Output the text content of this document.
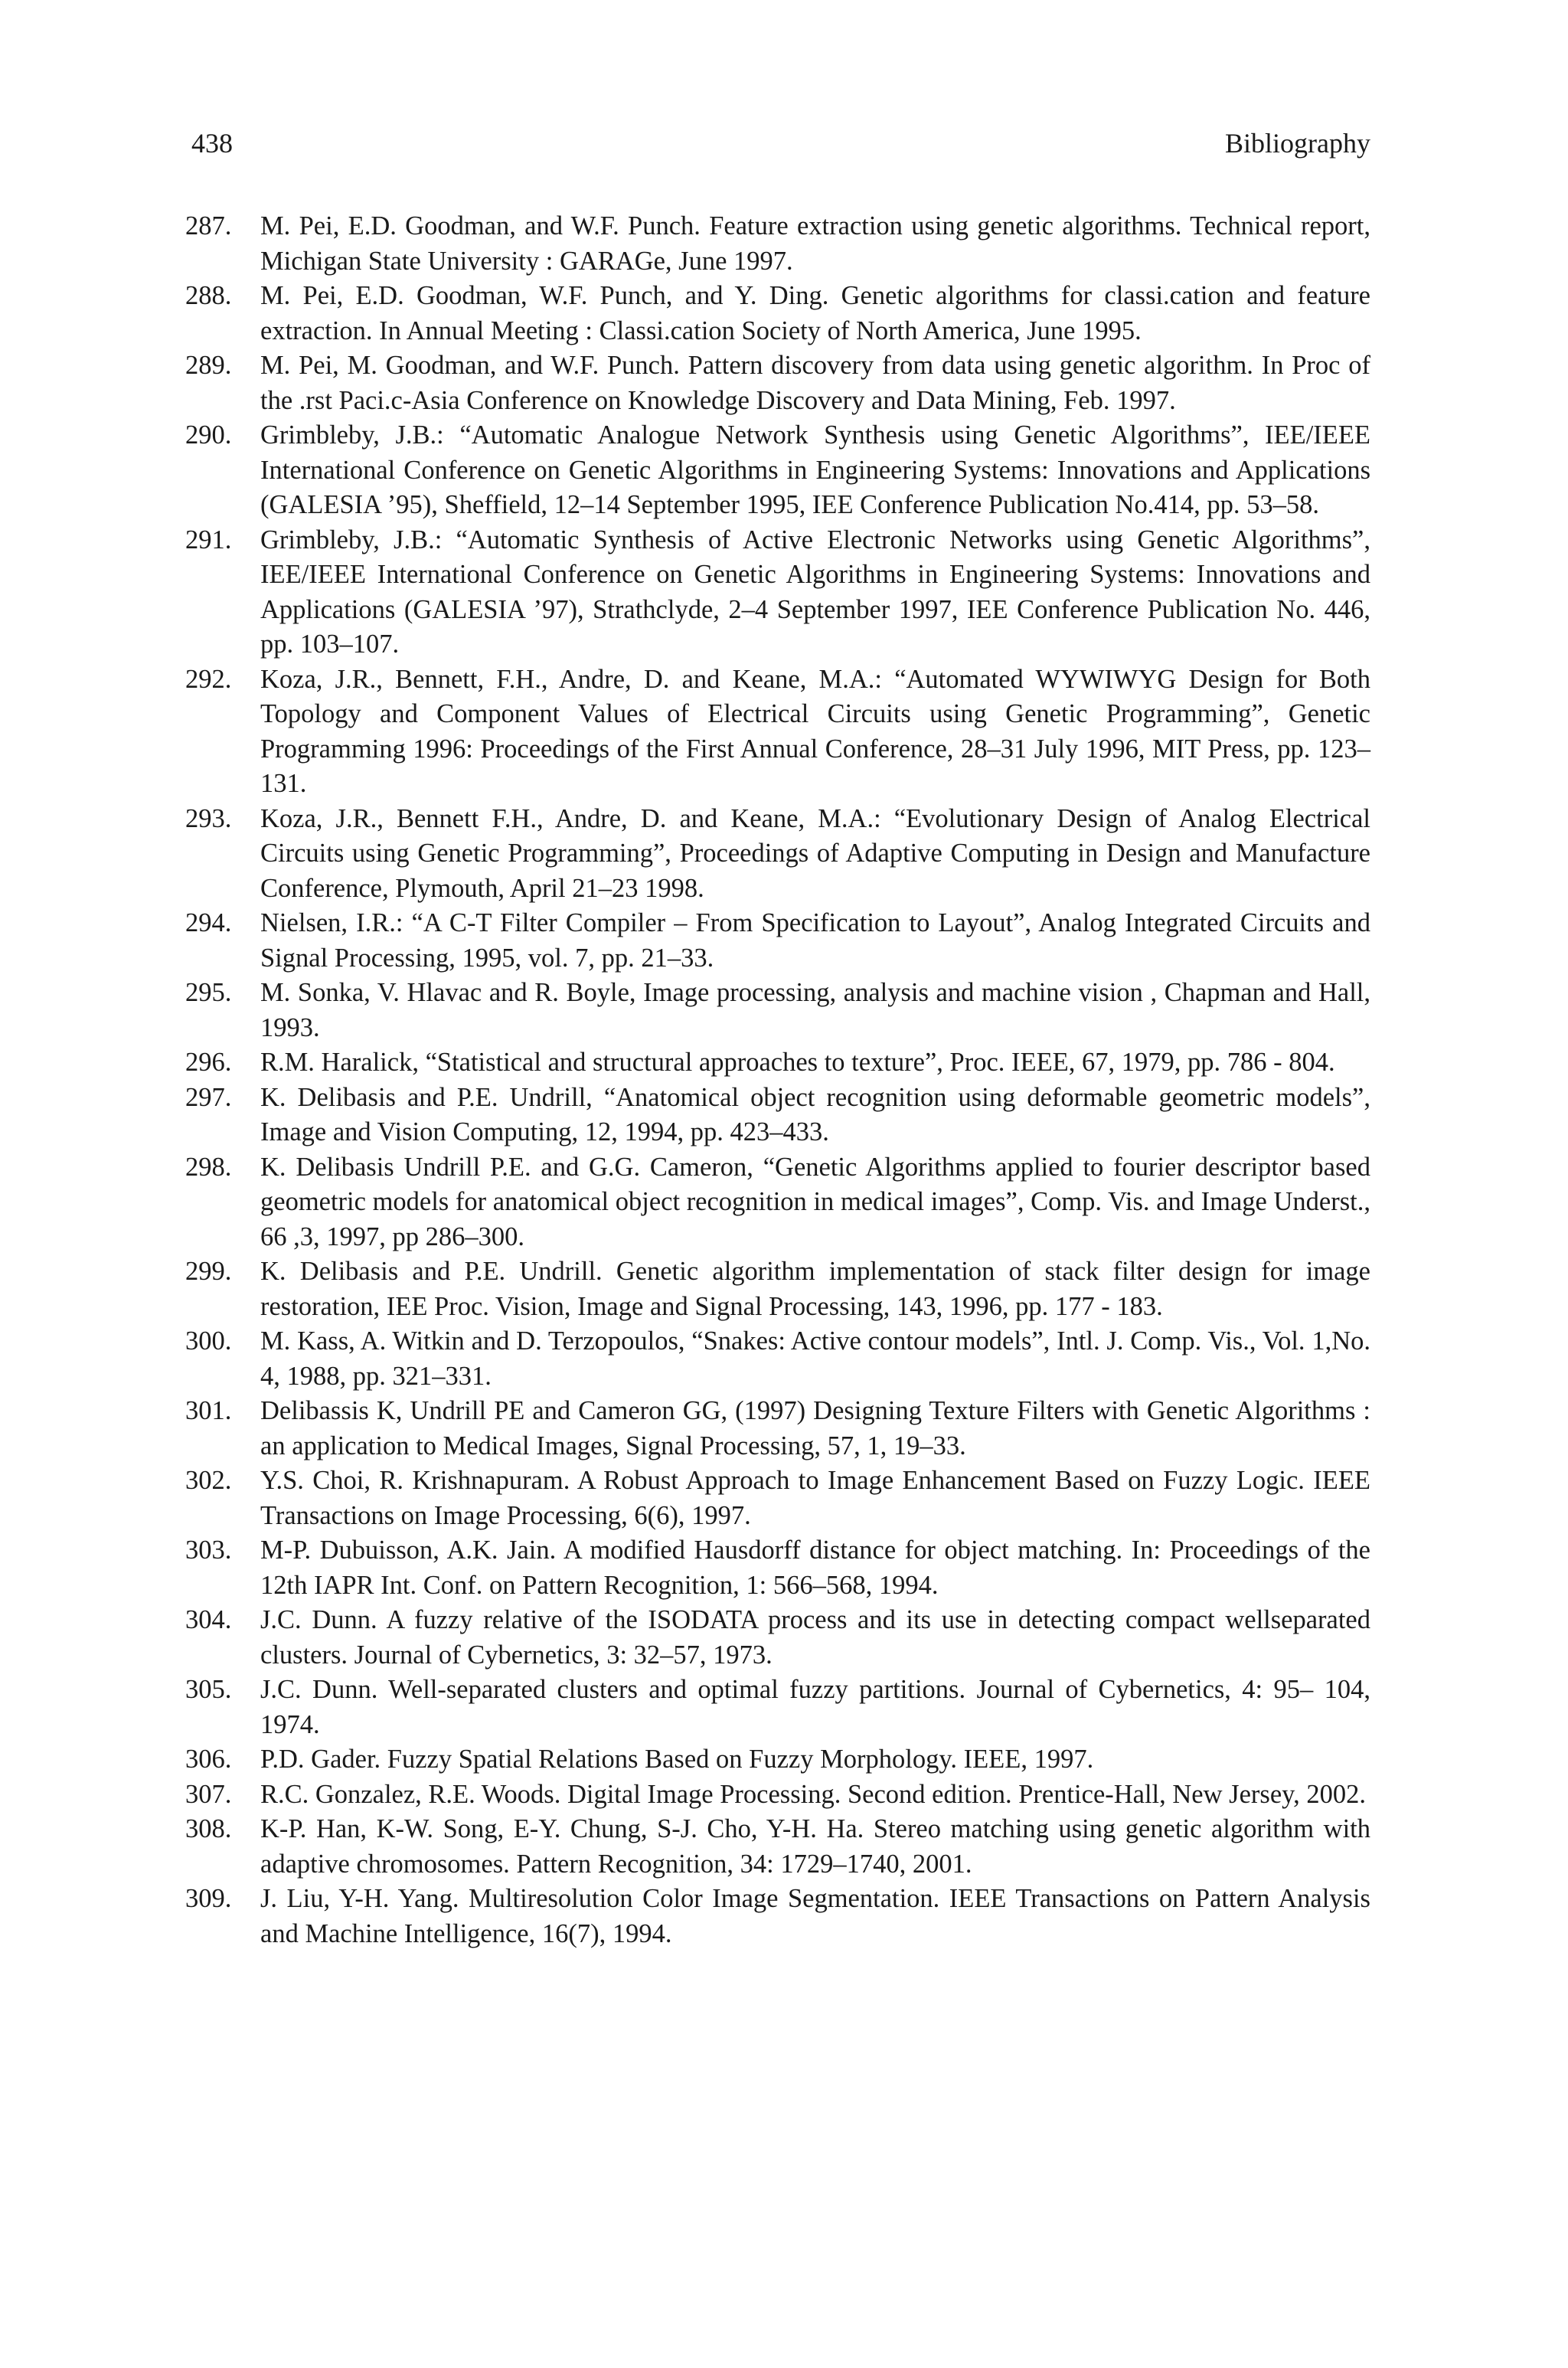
438	Bibliography
287.	M. Pei, E.D. Goodman, and W.F. Punch. Feature extraction using genetic algorithms. Technical report, Michigan State University : GARAGe, June 1997.
288.	M. Pei, E.D. Goodman, W.F. Punch, and Y. Ding. Genetic algorithms for classi.cation and feature extraction. In Annual Meeting : Classi.cation Society of North America, June 1995.
289.	M. Pei, M. Goodman, and W.F. Punch. Pattern discovery from data using genetic algorithm. In Proc of the .rst Paci.c-Asia Conference on Knowledge Discovery and Data Mining, Feb. 1997.
290.	Grimbleby, J.B.: “Automatic Analogue Network Synthesis using Genetic Algorithms”, IEE/IEEE International Conference on Genetic Algorithms in Engineering Systems: Innovations and Applications (GALESIA ’95), Sheffield, 12–14 September 1995, IEE Conference Publication No.414, pp. 53–58.
291.	Grimbleby, J.B.: “Automatic Synthesis of Active Electronic Networks using Genetic Algorithms”, IEE/IEEE International Conference on Genetic Algorithms in Engineering Systems: Innovations and Applications (GALESIA ’97), Strathclyde, 2–4 September 1997, IEE Conference Publication No. 446, pp. 103–107.
292.	Koza, J.R., Bennett, F.H., Andre, D. and Keane, M.A.: “Automated WYWIWYG Design for Both Topology and Component Values of Electrical Circuits using Genetic Programming”, Genetic Programming 1996: Proceedings of the First Annual Conference, 28–31 July 1996, MIT Press, pp. 123–131.
293.	Koza, J.R., Bennett F.H., Andre, D. and Keane, M.A.: “Evolutionary Design of Analog Electrical Circuits using Genetic Programming”, Proceedings of Adaptive Computing in Design and Manufacture Conference, Plymouth, April 21–23 1998.
294.	Nielsen, I.R.: “A C-T Filter Compiler – From Specification to Layout”, Analog Integrated Circuits and Signal Processing, 1995, vol. 7, pp. 21–33.
295.	M. Sonka, V. Hlavac and R. Boyle, Image processing, analysis and machine vision , Chapman and Hall, 1993.
296.	R.M. Haralick, “Statistical and structural approaches to texture”, Proc. IEEE, 67, 1979, pp. 786 - 804.
297.	K. Delibasis and P.E. Undrill, “Anatomical object recognition using deformable geometric models”, Image and Vision Computing, 12, 1994, pp. 423–433.
298.	K. Delibasis Undrill P.E. and G.G. Cameron, “Genetic Algorithms applied to fourier descriptor based geometric models for anatomical object recognition in medical images”, Comp. Vis. and Image Underst., 66 ,3, 1997, pp 286–300.
299.	K. Delibasis and P.E. Undrill. Genetic algorithm implementation of stack filter design for image restoration, IEE Proc. Vision, Image and Signal Processing, 143, 1996, pp. 177 - 183.
300.	M. Kass, A. Witkin and D. Terzopoulos, “Snakes: Active contour models”, Intl. J. Comp. Vis., Vol. 1,No. 4, 1988, pp. 321–331.
301.	Delibassis K, Undrill PE and Cameron GG, (1997) Designing Texture Filters with Genetic Algorithms : an application to Medical Images, Signal Processing, 57, 1, 19–33.
302.	Y.S. Choi, R. Krishnapuram. A Robust Approach to Image Enhancement Based on Fuzzy Logic. IEEE Transactions on Image Processing, 6(6), 1997.
303.	M-P. Dubuisson, A.K. Jain. A modified Hausdorff distance for object matching. In: Proceedings of the 12th IAPR Int. Conf. on Pattern Recognition, 1: 566–568, 1994.
304.	J.C. Dunn. A fuzzy relative of the ISODATA process and its use in detecting compact wellseparated clusters. Journal of Cybernetics, 3: 32–57, 1973.
305.	J.C. Dunn. Well-separated clusters and optimal fuzzy partitions. Journal of Cybernetics, 4: 95– 104, 1974.
306.	P.D. Gader. Fuzzy Spatial Relations Based on Fuzzy Morphology. IEEE, 1997.
307.	R.C. Gonzalez, R.E. Woods. Digital Image Processing. Second edition. Prentice-Hall, New Jersey, 2002.
308.	K-P. Han, K-W. Song, E-Y. Chung, S-J. Cho, Y-H. Ha. Stereo matching using genetic algorithm with adaptive chromosomes. Pattern Recognition, 34: 1729–1740, 2001.
309.	J. Liu, Y-H. Yang. Multiresolution Color Image Segmentation. IEEE Transactions on Pattern Analysis and Machine Intelligence, 16(7), 1994.
